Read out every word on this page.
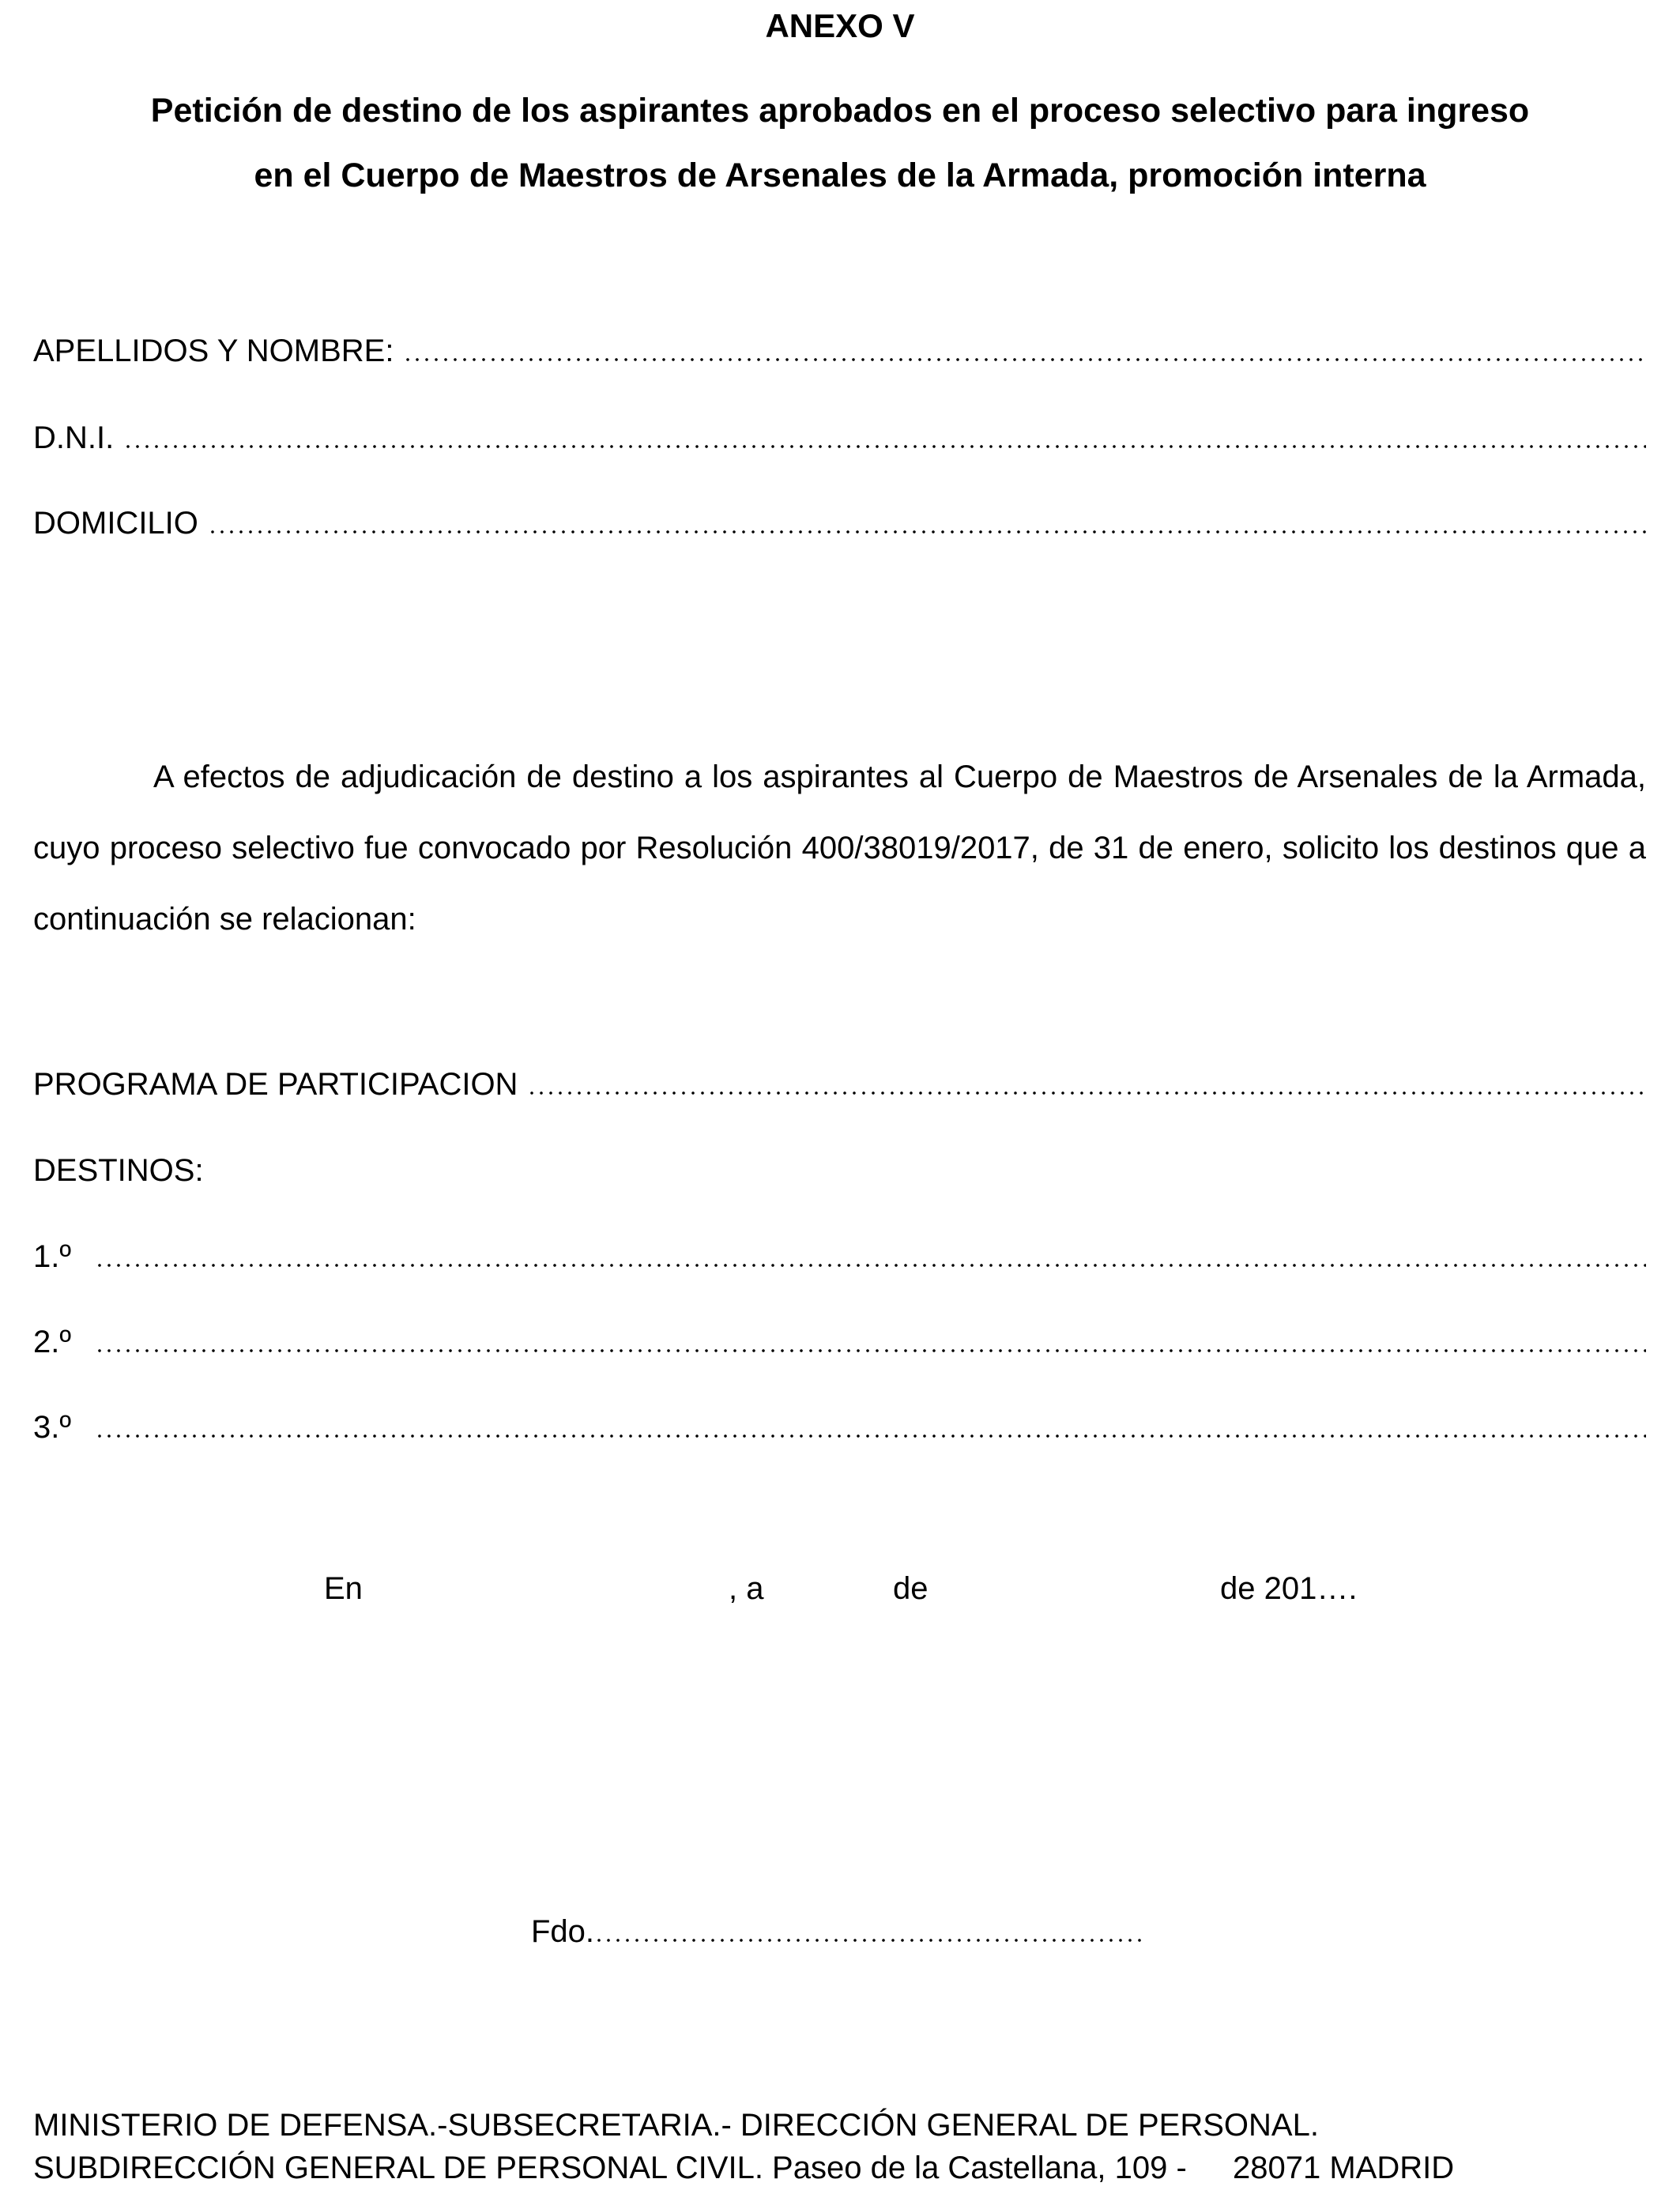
ANEXO V
Petición de destino de los aspirantes aprobados en el proceso selectivo para ingreso
en el Cuerpo de Maestros de Arsenales de la Armada, promoción interna
APELLIDOS Y NOMBRE:
D.N.I.
DOMICILIO
A efectos de adjudicación de destino a los aspirantes al Cuerpo de Maestros de Arsenales de la Armada, cuyo proceso selectivo fue convocado por Resolución 400/38019/2017, de 31 de enero, solicito los destinos que a continuación se relacionan:
PROGRAMA DE PARTICIPACION
DESTINOS:
1.º
2.º
3.º
En	, a	de	de 201….
Fdo.
MINISTERIO DE DEFENSA.-SUBSECRETARIA.- DIRECCIÓN GENERAL DE PERSONAL.
SUBDIRECCIÓN GENERAL DE PERSONAL CIVIL. Paseo de la Castellana, 109 - 28071 MADRID
